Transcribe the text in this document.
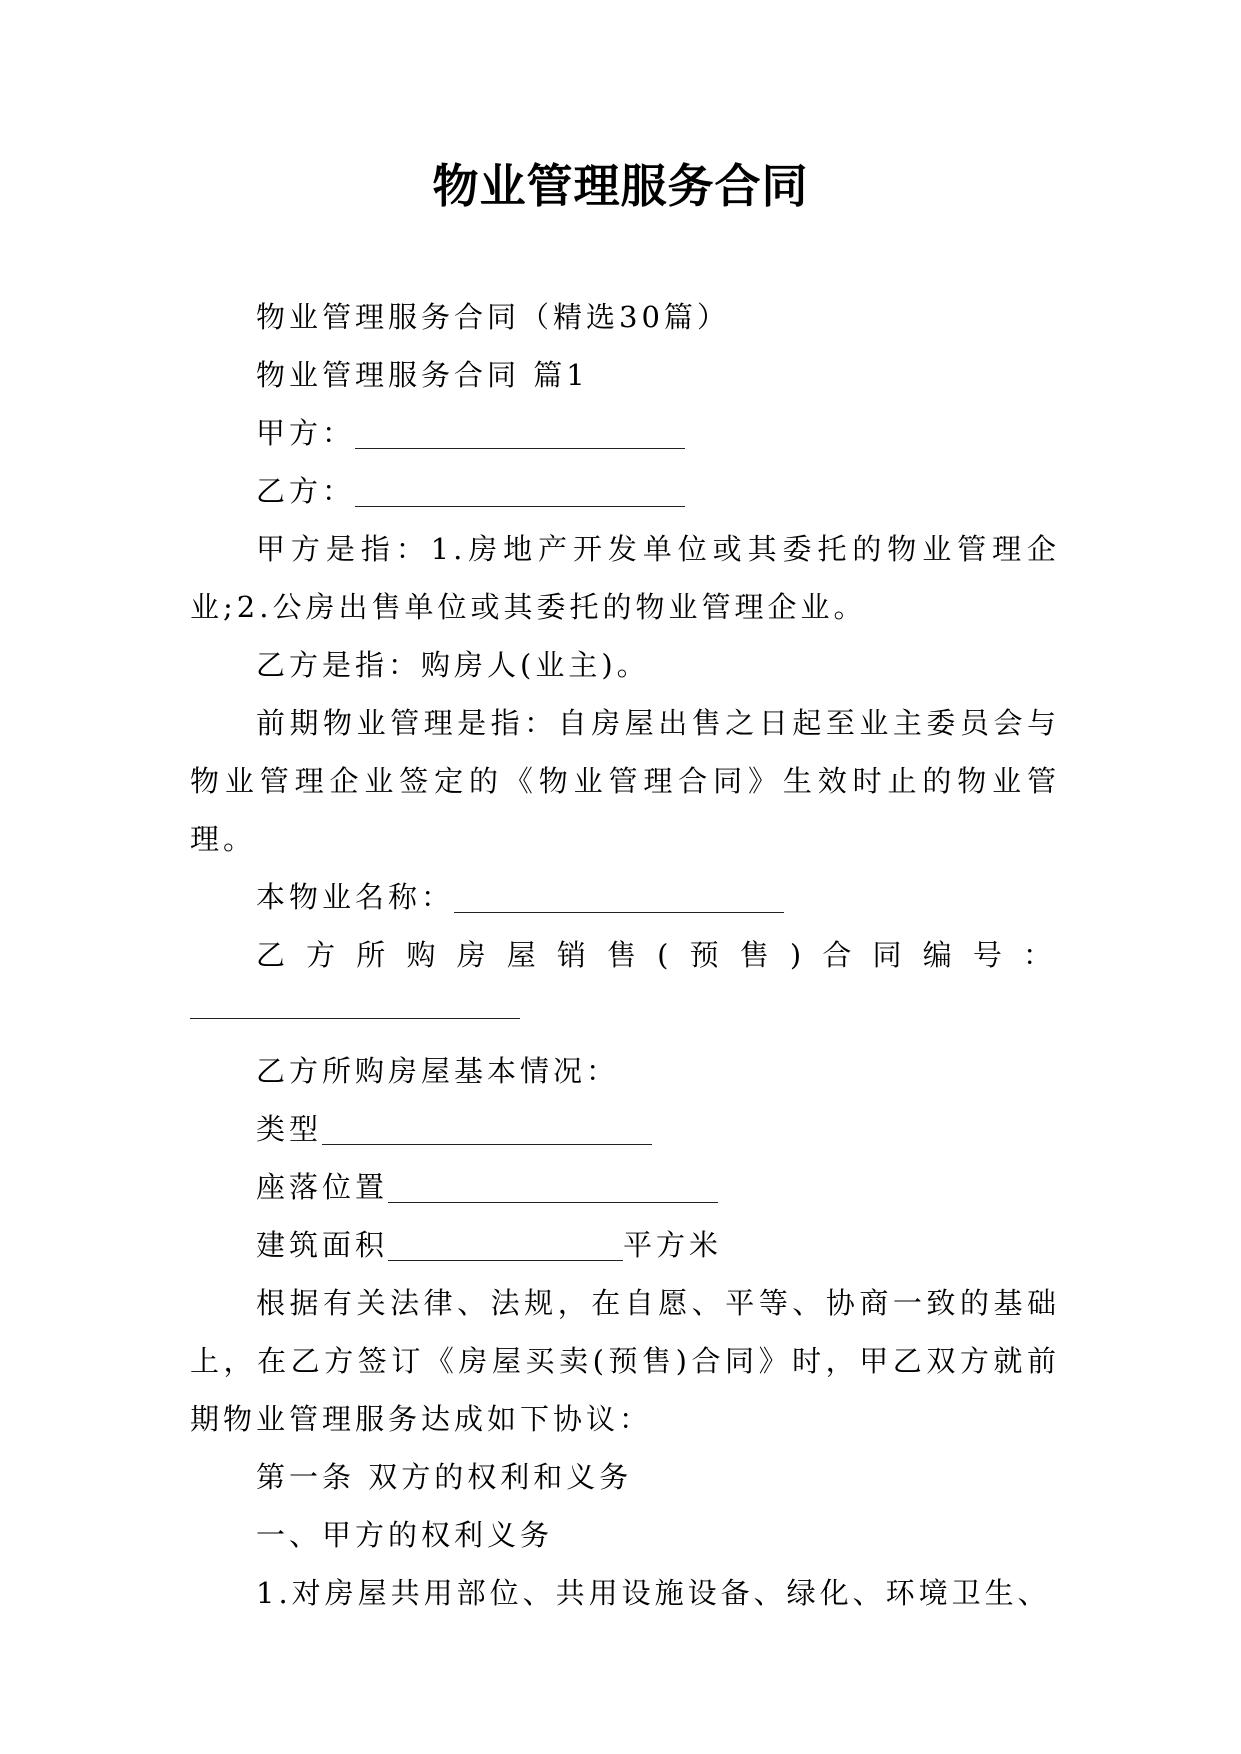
物业管理服务合同

物业管理服务合同（精选30篇）

物业管理服务合同 篇1

甲方：

乙方：

甲方是指：1.房地产开发单位或其委托的物业管理企业;2.公房出售单位或其委托的物业管理企业。

乙方是指：购房人(业主)。

前期物业管理是指：自房屋出售之日起至业主委员会与物业管理企业签定的《物业管理合同》生效时止的物业管理。

本物业名称：

乙方所购房屋销售(预售)合同编号：

乙方所购房屋基本情况：

类型

座落位置

建筑面积	平方米

根据有关法律、法规，在自愿、平等、协商一致的基础上，在乙方签订《房屋买卖(预售)合同》时，甲乙双方就前期物业管理服务达成如下协议：

第一条 双方的权利和义务

一、甲方的权利义务

1.对房屋共用部位、共用设施设备、绿化、环境卫生、
